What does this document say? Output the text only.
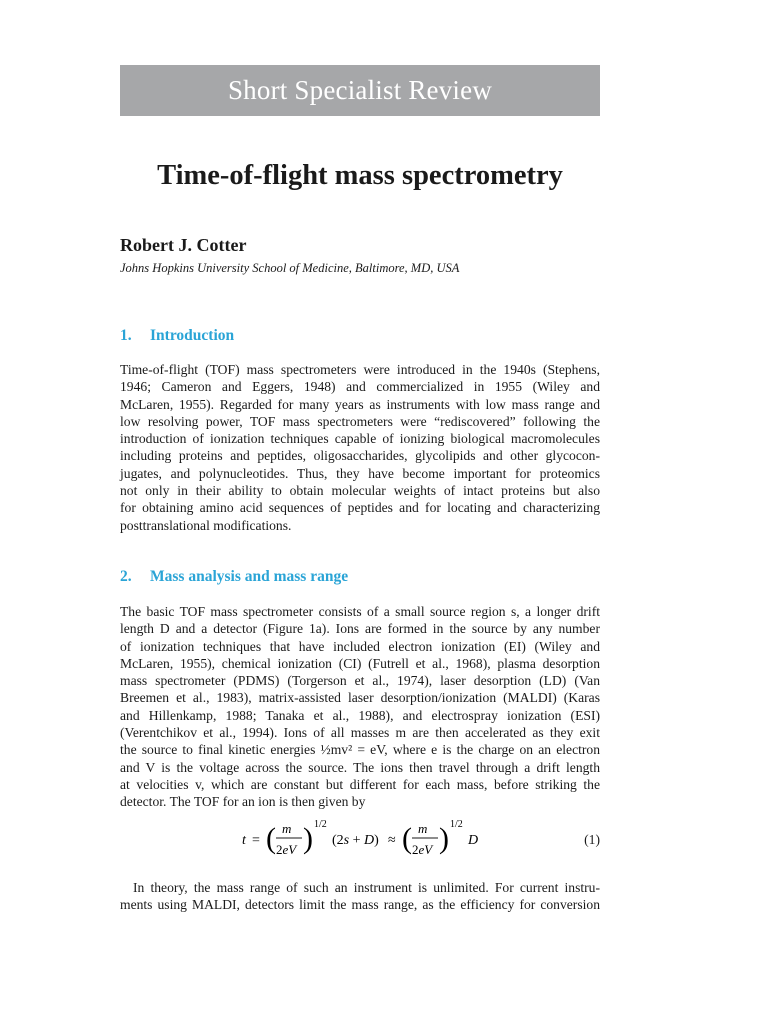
Short Specialist Review
Time-of-flight mass spectrometry

Robert J. Cotter

Johns Hopkins University School of Medicine, Baltimore, MD, USA

1. Introduction
Time-of-flight (TOF) mass spectrometers were introduced in the 1940s (Stephens,
1946; Cameron and Eggers, 1948) and commercialized in 1955 (Wiley and
McLaren, 1955). Regarded for many years as instruments with low mass range and
low resolving power, TOF mass spectrometers were “rediscovered” following the
introduction of ionization techniques capable of ionizing biological macromolecules
including proteins and peptides, oligosaccharides, glycolipids and other glycocon-
jugates, and polynucleotides. Thus, they have become important for proteomics
not only in their ability to obtain molecular weights of intact proteins but also
for obtaining amino acid sequences of peptides and for locating and characterizing
posttranslational modifications.
2. Mass analysis and mass range
The basic TOF mass spectrometer consists of a small source region s, a longer drift
length D and a detector (Figure 1a). Ions are formed in the source by any number
of ionization techniques that have included electron ionization (EI) (Wiley and
McLaren, 1955), chemical ionization (CI) (Futrell et al., 1968), plasma desorption
mass spectrometer (PDMS) (Torgerson et al., 1974), laser desorption (LD) (Van
Breemen et al., 1983), matrix-assisted laser desorption/ionization (MALDI) (Karas
and Hillenkamp, 1988; Tanaka et al., 1988), and electrospray ionization (ESI)
(Verentchikov et al., 1994). Ions of all masses m are then accelerated as they exit
the source to final kinetic energies ½mv² = eV, where e is the charge on an electron
and V is the voltage across the source. The ions then travel through a drift length
at velocities v, which are constant but different for each mass, before striking the
detector. The TOF for an ion is then given by
t = ( m
2eV ) 1/2
(2s + D) ≈ ( m
2eV ) 1/2
D	(1)
In theory, the mass range of such an instrument is unlimited. For current instru-
ments using MALDI, detectors limit the mass range, as the efficiency for conversion
